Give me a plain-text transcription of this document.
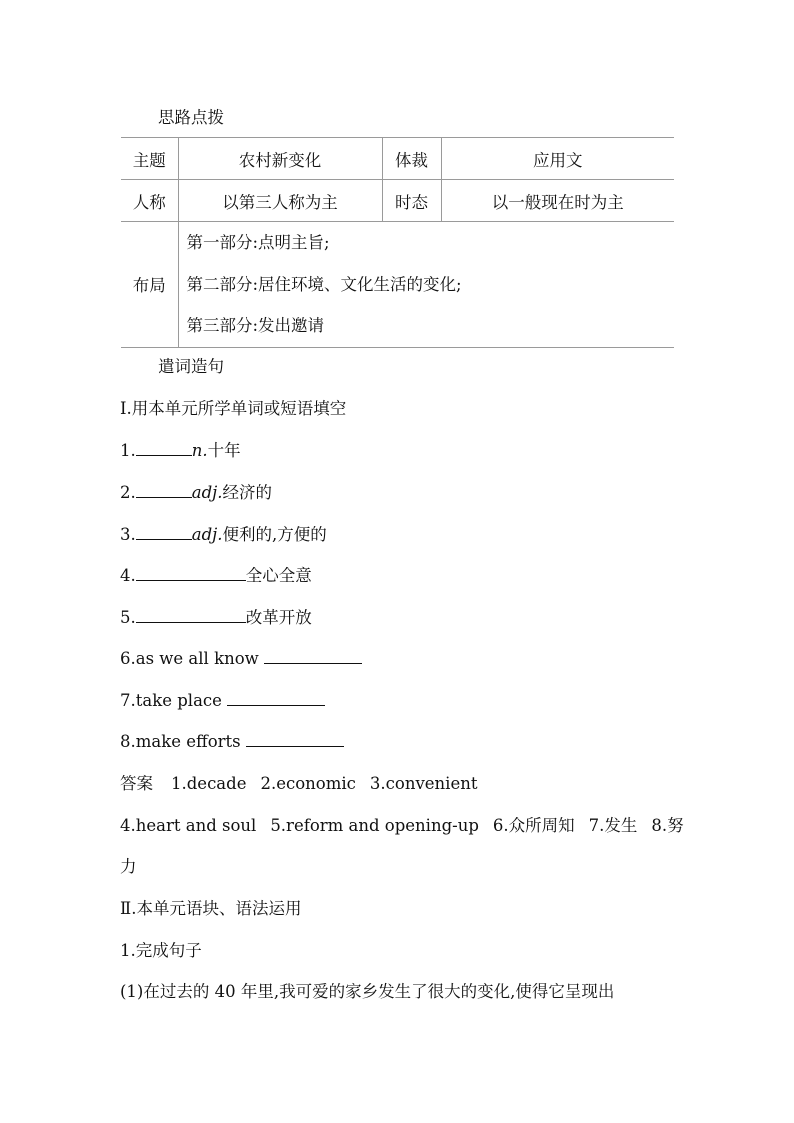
思路点拨
主题	农村新变化	体裁	应用文
人称	以第三人称为主	时态	以一般现在时为主
布局	第一部分:点明主旨;
第二部分:居住环境、文化生活的变化;
第三部分:发出邀请		
遣词造句
Ⅰ.用本单元所学单词或短语填空
1.	n.十年
2.	adj.经济的
3.	adj.便利的,方便的
4.	全心全意
5.	改革开放
6.as we all know
7.take place
8.make efforts
答案 1.decade 2.economic 3.convenient
4.heart and soul 5.reform and opening-up 6.众所周知 7.发生 8.努
力
Ⅱ.本单元语块、语法运用
1.完成句子
(1)在过去的 40 年里,我可爱的家乡发生了很大的变化,使得它呈现出
